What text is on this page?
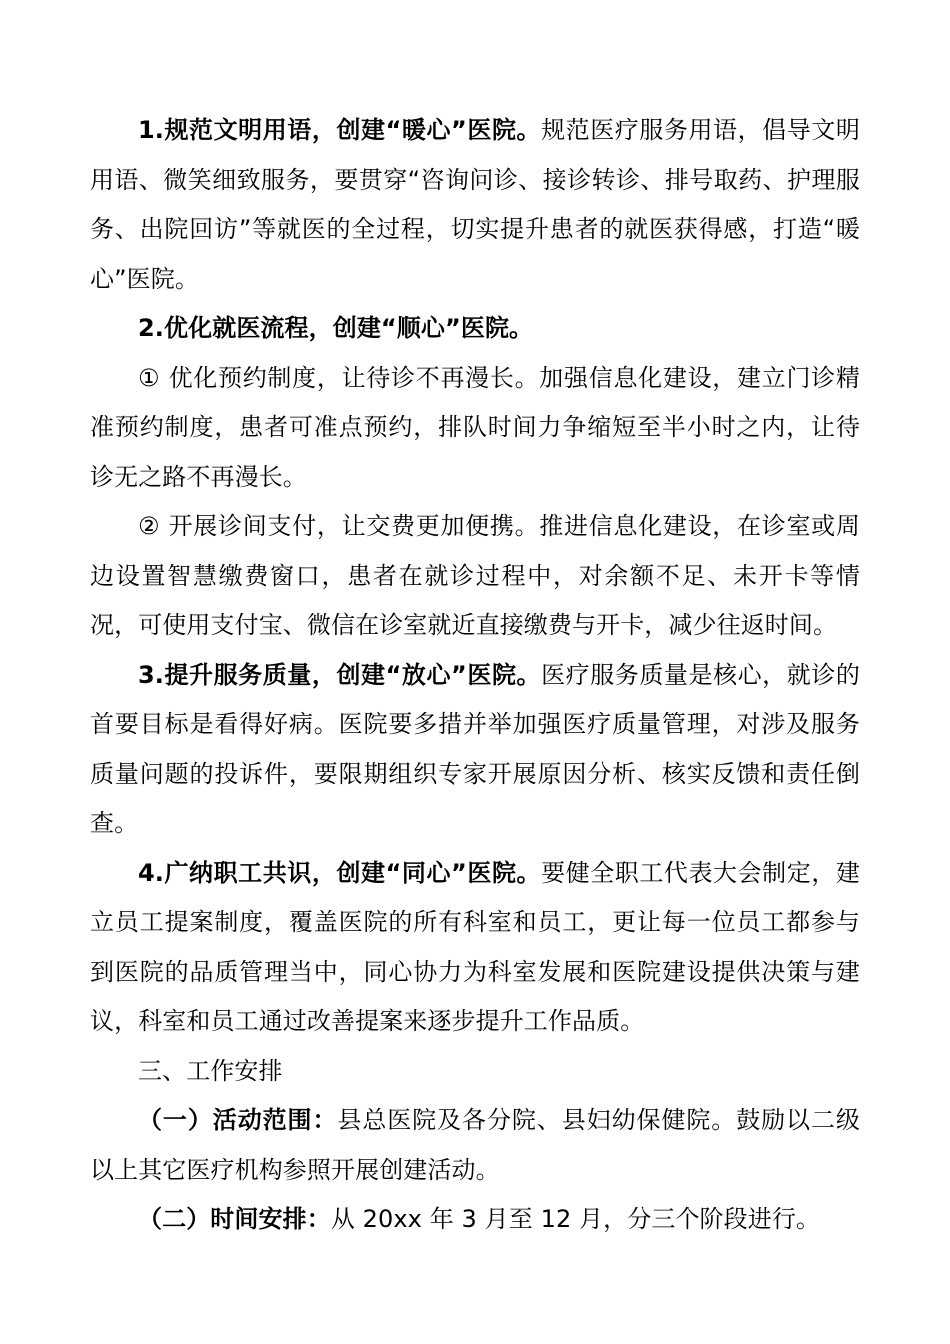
1.规范文明用语，创建“暖心”医院。规范医疗服务用语，倡导文明用语、微笑细致服务，要贯穿“咨询问诊、接诊转诊、排号取药、护理服务、出院回访”等就医的全过程，切实提升患者的就医获得感，打造“暖心”医院。

2.优化就医流程，创建“顺心”医院。

① 优化预约制度，让待诊不再漫长。加强信息化建设，建立门诊精准预约制度，患者可准点预约，排队时间力争缩短至半小时之内，让待诊无之路不再漫长。

② 开展诊间支付，让交费更加便携。推进信息化建设，在诊室或周边设置智慧缴费窗口，患者在就诊过程中，对余额不足、未开卡等情况，可使用支付宝、微信在诊室就近直接缴费与开卡，减少往返时间。

3.提升服务质量，创建“放心”医院。医疗服务质量是核心，就诊的首要目标是看得好病。医院要多措并举加强医疗质量管理，对涉及服务质量问题的投诉件，要限期组织专家开展原因分析、核实反馈和责任倒查。

4.广纳职工共识，创建“同心”医院。要健全职工代表大会制定，建立员工提案制度，覆盖医院的所有科室和员工，更让每一位员工都参与到医院的品质管理当中，同心协力为科室发展和医院建设提供决策与建议，科室和员工通过改善提案来逐步提升工作品质。

三、工作安排

（一）活动范围：县总医院及各分院、县妇幼保健院。鼓励以二级以上其它医疗机构参照开展创建活动。

（二）时间安排：从 20xx 年 3 月至 12 月，分三个阶段进行。
